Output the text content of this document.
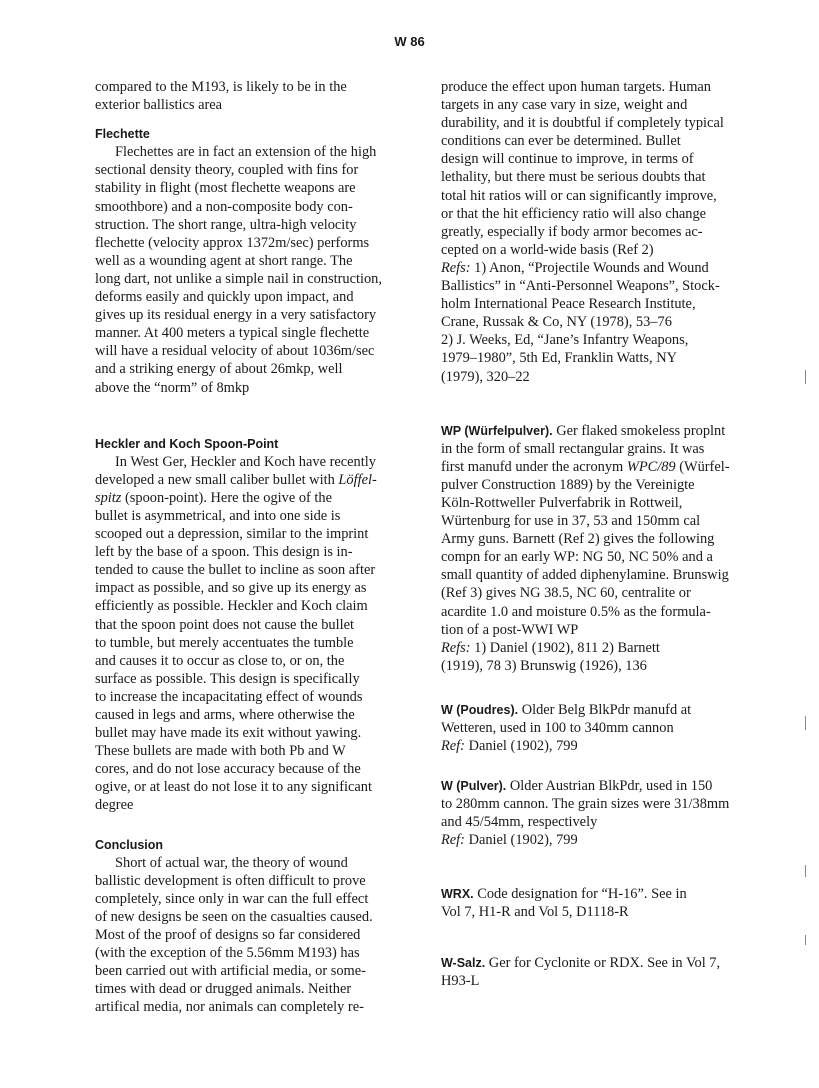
W 86
compared to the M193, is likely to be in the
exterior ballistics area
Flechette
Flechettes are in fact an extension of the high
sectional density theory, coupled with fins for
stability in flight (most flechette weapons are
smoothbore) and a non-composite body con-
struction. The short range, ultra-high velocity
flechette (velocity approx 1372m/sec) performs
well as a wounding agent at short range. The
long dart, not unlike a simple nail in construction,
deforms easily and quickly upon impact, and
gives up its residual energy in a very satisfactory
manner. At 400 meters a typical single flechette
will have a residual velocity of about 1036m/sec
and a striking energy of about 26mkp, well
above the “norm” of 8mkp
Heckler and Koch Spoon-Point
In West Ger, Heckler and Koch have recently
developed a new small caliber bullet with Löffel-
spitz (spoon-point). Here the ogive of the
bullet is asymmetrical, and into one side is
scooped out a depression, similar to the imprint
left by the base of a spoon. This design is in-
tended to cause the bullet to incline as soon after
impact as possible, and so give up its energy as
efficiently as possible. Heckler and Koch claim
that the spoon point does not cause the bullet
to tumble, but merely accentuates the tumble
and causes it to occur as close to, or on, the
surface as possible. This design is specifically
to increase the incapacitating effect of wounds
caused in legs and arms, where otherwise the
bullet may have made its exit without yawing.
These bullets are made with both Pb and W
cores, and do not lose accuracy because of the
ogive, or at least do not lose it to any significant
degree
Conclusion
Short of actual war, the theory of wound
ballistic development is often difficult to prove
completely, since only in war can the full effect
of new designs be seen on the casualties caused.
Most of the proof of designs so far considered
(with the exception of the 5.56mm M193) has
been carried out with artificial media, or some-
times with dead or drugged animals. Neither
artifical media, nor animals can completely re-
produce the effect upon human targets. Human
targets in any case vary in size, weight and
durability, and it is doubtful if completely typical
conditions can ever be determined. Bullet
design will continue to improve, in terms of
lethality, but there must be serious doubts that
total hit ratios will or can significantly improve,
or that the hit efficiency ratio will also change
greatly, especially if body armor becomes ac-
cepted on a world-wide basis (Ref 2)
Refs: 1) Anon, “Projectile Wounds and Wound
Ballistics” in “Anti-Personnel Weapons”, Stock-
holm International Peace Research Institute,
Crane, Russak & Co, NY (1978), 53–76
2) J. Weeks, Ed, “Jane’s Infantry Weapons,
1979–1980”, 5th Ed, Franklin Watts, NY
(1979), 320–22
WP (Würfelpulver). Ger flaked smokeless proplnt
in the form of small rectangular grains. It was
first manufd under the acronym WPC/89 (Würfel-
pulver Construction 1889) by the Vereinigte
Köln-Rottweller Pulverfabrik in Rottweil,
Würtenburg for use in 37, 53 and 150mm cal
Army guns. Barnett (Ref 2) gives the following
compn for an early WP: NG 50, NC 50% and a
small quantity of added diphenylamine. Brunswig
(Ref 3) gives NG 38.5, NC 60, centralite or
acardite 1.0 and moisture 0.5% as the formula-
tion of a post-WWI WP
Refs: 1) Daniel (1902), 811 2) Barnett
(1919), 78 3) Brunswig (1926), 136
W (Poudres). Older Belg BlkPdr manufd at
Wetteren, used in 100 to 340mm cannon
Ref: Daniel (1902), 799
W (Pulver). Older Austrian BlkPdr, used in 150
to 280mm cannon. The grain sizes were 31/38mm
and 45/54mm, respectively
Ref: Daniel (1902), 799
WRX. Code designation for “H-16”. See in
Vol 7, H1-R and Vol 5, D1118-R
W-Salz. Ger for Cyclonite or RDX. See in Vol 7,
H93-L
